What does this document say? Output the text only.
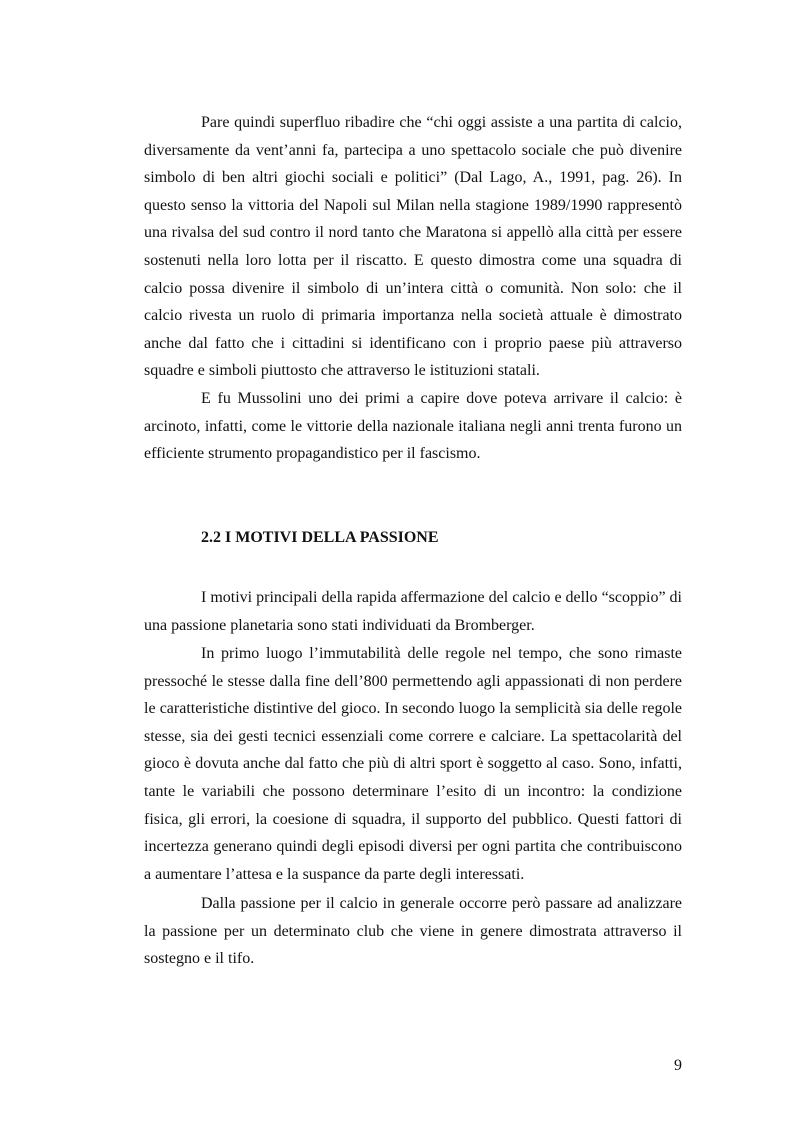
Pare quindi superfluo ribadire che “chi oggi assiste a una partita di calcio, diversamente da vent’anni fa, partecipa a uno spettacolo sociale che può divenire simbolo di ben altri giochi sociali e politici” (Dal Lago, A., 1991, pag. 26). In questo senso la vittoria del Napoli sul Milan nella stagione 1989/1990 rappresentò una rivalsa del sud contro il nord tanto che Maratona si appellò alla città per essere sostenuti nella loro lotta per il riscatto. E questo dimostra come una squadra di calcio possa divenire il simbolo di un’intera città o comunità. Non solo: che il calcio rivesta un ruolo di primaria importanza nella società attuale è dimostrato anche dal fatto che i cittadini si identificano con i proprio paese più attraverso squadre e simboli piuttosto che attraverso le istituzioni statali.

E fu Mussolini uno dei primi a capire dove poteva arrivare il calcio: è arcinoto, infatti, come le vittorie della nazionale italiana negli anni trenta furono un efficiente strumento propagandistico per il fascismo.

2.2 I MOTIVI DELLA PASSIONE

I motivi principali della rapida affermazione del calcio e dello “scoppio” di una passione planetaria sono stati individuati da Bromberger.

In primo luogo l’immutabilità delle regole nel tempo, che sono rimaste pressoché le stesse dalla fine dell’800 permettendo agli appassionati di non perdere le caratteristiche distintive del gioco. In secondo luogo la semplicità sia delle regole stesse, sia dei gesti tecnici essenziali come correre e calciare. La spettacolarità del gioco è dovuta anche dal fatto che più di altri sport è soggetto al caso. Sono, infatti, tante le variabili che possono determinare l’esito di un incontro: la condizione fisica, gli errori, la coesione di squadra, il supporto del pubblico. Questi fattori di incertezza generano quindi degli episodi diversi per ogni partita che contribuiscono a aumentare l’attesa e la suspance da parte degli interessati.

Dalla passione per il calcio in generale occorre però passare ad analizzare la passione per un determinato club che viene in genere dimostrata attraverso il sostegno e il tifo.

9
